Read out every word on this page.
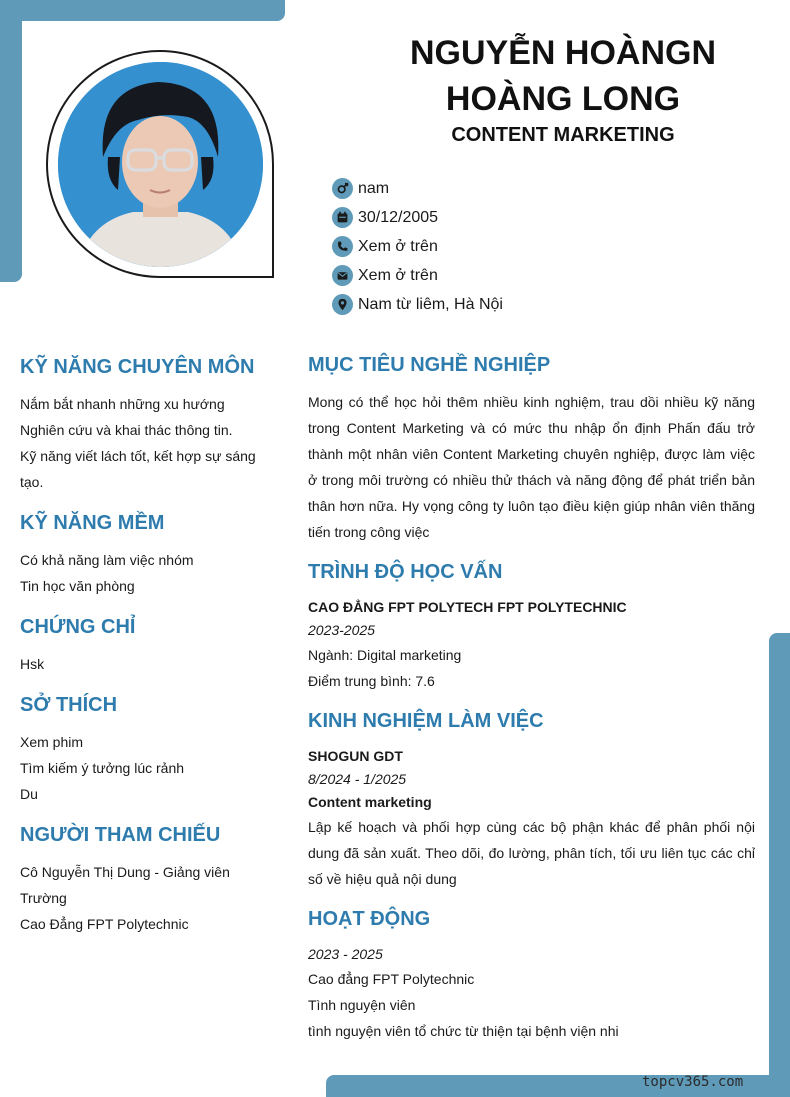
NGUYỄN HOÀNGN
HOÀNG LONG
CONTENT MARKETING
nam
30/12/2005
Xem ở trên
Xem ở trên
Nam từ liêm, Hà Nội
KỸ NĂNG CHUYÊN MÔN
Nắm bắt nhanh những xu hướng
Nghiên cứu và khai thác thông tin.
Kỹ năng viết lách tốt, kết hợp sự sáng
tạo.
KỸ NĂNG MỀM
Có khả năng làm việc nhóm
Tin học văn phòng
CHỨNG CHỈ
Hsk
SỞ THÍCH
Xem phim
Tìm kiếm ý tưởng lúc rảnh
Du
NGƯỜI THAM CHIẾU
Cô Nguyễn Thị Dung - Giảng viên Trường
Cao Đẳng FPT Polytechnic
MỤC TIÊU NGHỀ NGHIỆP
Mong có thể học hỏi thêm nhiều kinh nghiệm, trau dồi nhiều kỹ năng trong Content Marketing và có mức thu nhập ổn định Phấn đấu trở thành một nhân viên Content Marketing chuyên nghiệp, được làm việc ở trong môi trường có nhiều thử thách và năng động để phát triển bản thân hơn nữa. Hy vọng công ty luôn tạo điều kiện giúp nhân viên thăng tiến trong công việc
TRÌNH ĐỘ HỌC VẤN
CAO ĐẲNG FPT POLYTECH FPT POLYTECHNIC
2023-2025
Ngành: Digital marketing
Điểm trung bình: 7.6
KINH NGHIỆM LÀM VIỆC
SHOGUN GDT
8/2024 - 1/2025
Content marketing
Lập kế hoạch và phối hợp cùng các bộ phận khác để phân phối nội dung đã sản xuất. Theo dõi, đo lường, phân tích, tối ưu liên tục các chỉ số về hiệu quả nội dung
HOẠT ĐỘNG
2023 - 2025
Cao đẳng FPT Polytechnic
Tình nguyện viên
tình nguyện viên tổ chức từ thiện tại bệnh viện nhi
topcv365.com
